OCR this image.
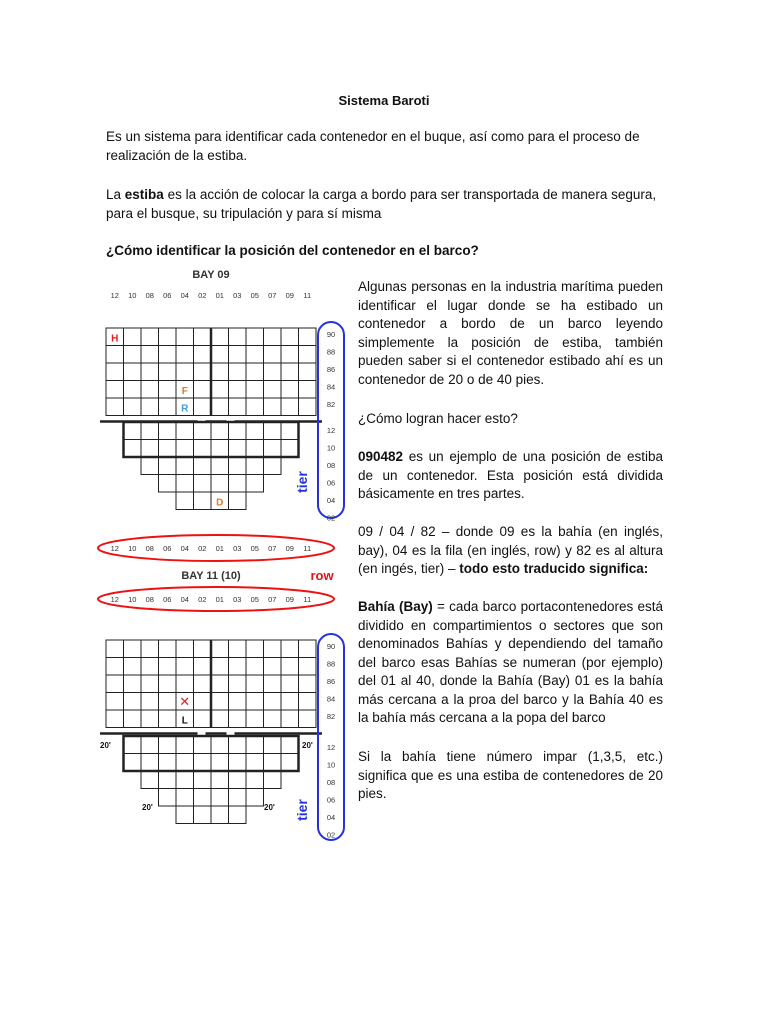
Sistema Baroti

Es un sistema para identificar cada contenedor en el buque, así como para el proceso de realización de la estiba.

La estiba es la acción de colocar la carga a bordo para ser transportada de manera segura, para el busque, su tripulación y para sí misma

¿Cómo identificar la posición del contenedor en el barco?

BAY 09
12 10 08 06 04 02 01 03 05 07 09 11
H
F
R
D
90
88
86
84
82
12
10
08
06
04
02
tier
12 10 08 06 04 02 01 03 05 07 09 11
BAY 11 (10)	row
12 10 08 06 04 02 01 03 05 07 09 11
✕
L
20'	20'
20'	20'
90
88
86
84
82
12
10
08
06
04
02
tier

Algunas personas en la industria marítima pueden identificar el lugar donde se ha estibado un contenedor a bordo de un barco leyendo simplemente la posición de estiba, también pueden saber si el contenedor estibado ahí es un contenedor de 20 o de 40 pies.

¿Cómo logran hacer esto?

090482 es un ejemplo de una posición de estiba de un contenedor. Esta posición está dividida básicamente en tres partes.

09 / 04 / 82 – donde 09 es la bahía (en inglés, bay), 04 es la fila (en inglés, row) y 82 es al altura (en ingés, tier) – todo esto traducido significa:

Bahía (Bay) = cada barco portacontenedores está dividido en compartimientos o sectores que son denominados Bahías y dependiendo del tamaño del barco esas Bahías se numeran (por ejemplo) del 01 al 40, donde la Bahía (Bay) 01 es la bahía más cercana a la proa del barco y la Bahía 40 es la bahía más cercana a la popa del barco

Si la bahía tiene número impar (1,3,5, etc.) significa que es una estiba de contenedores de 20 pies.
